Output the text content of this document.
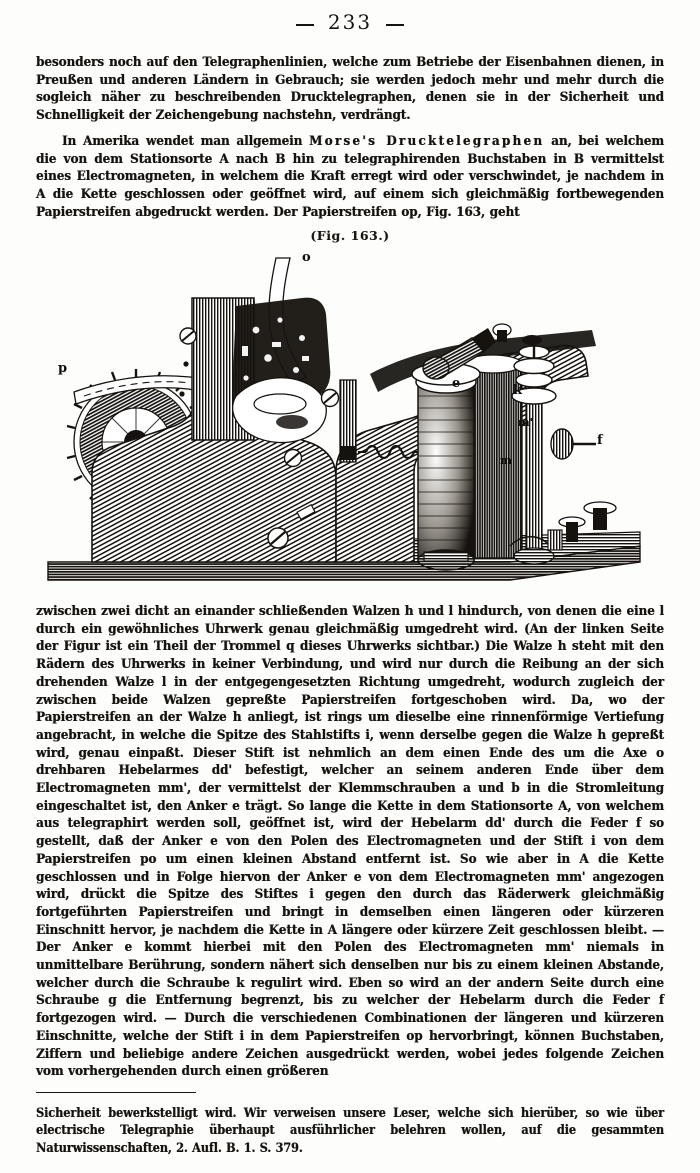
233
besonders noch auf den Telegraphenlinien, welche zum Betriebe der Eisenbahnen dienen, in Preußen und anderen Ländern in Gebrauch; sie werden jedoch mehr und mehr durch die sogleich näher zu beschreibenden Drucktelegraphen, denen sie in der Sicherheit und Schnelligkeit der Zeichengebung nachstehn, verdrängt.
In Amerika wendet man allgemein Morse's Drucktelegraphen an, bei welchem die von dem Stationsorte A nach B hin zu telegraphirenden Buchstaben in B vermittelst eines Electromagneten, in welchem die Kraft erregt wird oder verschwindet, je nachdem in A die Kette geschlossen oder geöffnet wird, auf einem sich gleichmäßig fortbewegenden Papierstreifen abgedruckt werden. Der Papierstreifen op, Fig. 163, geht
(Fig. 163.)
o
p
e	k
f
m'
m
zwischen zwei dicht an einander schließenden Walzen h und l hindurch, von denen die eine l durch ein gewöhnliches Uhrwerk genau gleichmäßig umgedreht wird. (An der linken Seite der Figur ist ein Theil der Trommel q dieses Uhrwerks sichtbar.) Die Walze h steht mit den Rädern des Uhrwerks in keiner Verbindung, und wird nur durch die Reibung an der sich drehenden Walze l in der entgegengesetzten Richtung umgedreht, wodurch zugleich der zwischen beide Walzen gepreßte Papierstreifen fortgeschoben wird. Da, wo der Papierstreifen an der Walze h anliegt, ist rings um dieselbe eine rinnenförmige Vertiefung angebracht, in welche die Spitze des Stahlstifts i, wenn derselbe gegen die Walze h gepreßt wird, genau einpaßt. Dieser Stift ist nehmlich an dem einen Ende des um die Axe o drehbaren Hebelarmes dd' befestigt, welcher an seinem anderen Ende über dem Electromagneten mm', der vermittelst der Klemmschrauben a und b in die Stromleitung eingeschaltet ist, den Anker e trägt. So lange die Kette in dem Stationsorte A, von welchem aus telegraphirt werden soll, geöffnet ist, wird der Hebelarm dd' durch die Feder f so gestellt, daß der Anker e von den Polen des Electromagneten und der Stift i von dem Papierstreifen po um einen kleinen Abstand entfernt ist. So wie aber in A die Kette geschlossen und in Folge hiervon der Anker e von dem Electromagneten mm' angezogen wird, drückt die Spitze des Stiftes i gegen den durch das Räderwerk gleichmäßig fortgeführten Papierstreifen und bringt in demselben einen längeren oder kürzeren Einschnitt hervor, je nachdem die Kette in A längere oder kürzere Zeit geschlossen bleibt. — Der Anker e kommt hierbei mit den Polen des Electromagneten mm' niemals in unmittelbare Berührung, sondern nähert sich denselben nur bis zu einem kleinen Abstande, welcher durch die Schraube k regulirt wird. Eben so wird an der andern Seite durch eine Schraube g die Entfernung begrenzt, bis zu welcher der Hebelarm durch die Feder f fortgezogen wird. — Durch die verschiedenen Combinationen der längeren und kürzeren Einschnitte, welche der Stift i in dem Papierstreifen op hervorbringt, können Buchstaben, Ziffern und beliebige andere Zeichen ausgedrückt werden, wobei jedes folgende Zeichen vom vorhergehenden durch einen größeren
Sicherheit bewerkstelligt wird. Wir verweisen unsere Leser, welche sich hierüber, so wie über electrische Telegraphie überhaupt ausführlicher belehren wollen, auf die gesammten Naturwissenschaften, 2. Aufl. B. 1. S. 379.
